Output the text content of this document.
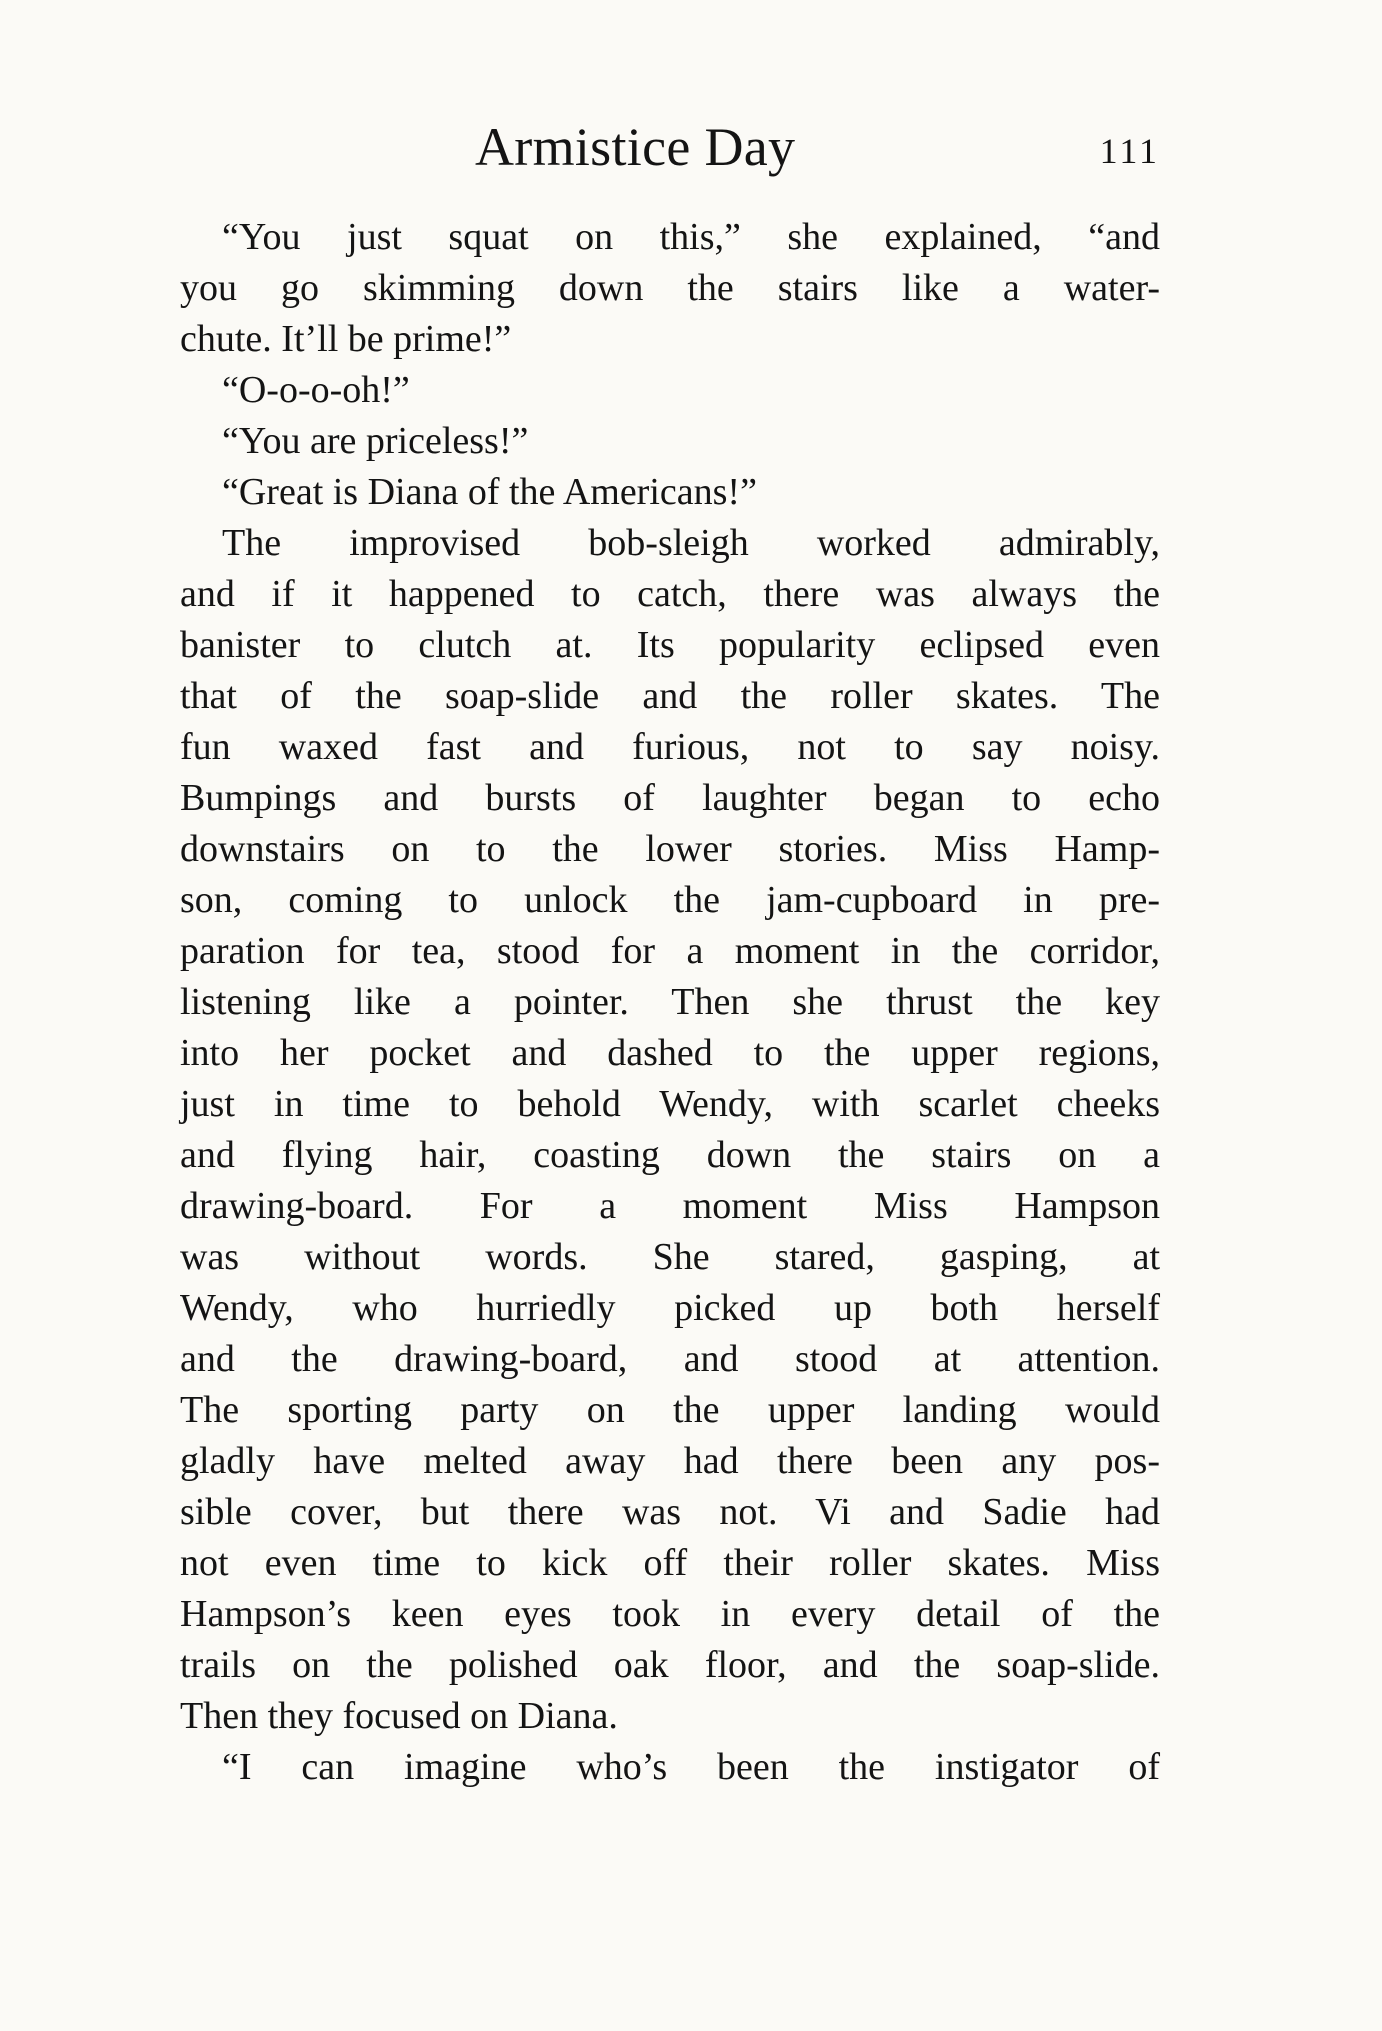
Armistice Day	111
“You just squat on this,” she explained, “and
you go skimming down the stairs like a water-
chute. It’ll be prime!”
“O-o-o-oh!”
“You are priceless!”
“Great is Diana of the Americans!”
The improvised bob-sleigh worked admirably,
and if it happened to catch, there was always the
banister to clutch at. Its popularity eclipsed even
that of the soap-slide and the roller skates. The
fun waxed fast and furious, not to say noisy.
Bumpings and bursts of laughter began to echo
downstairs on to the lower stories. Miss Hamp-
son, coming to unlock the jam-cupboard in pre-
paration for tea, stood for a moment in the corridor,
listening like a pointer. Then she thrust the key
into her pocket and dashed to the upper regions,
just in time to behold Wendy, with scarlet cheeks
and flying hair, coasting down the stairs on a
drawing-board. For a moment Miss Hampson
was without words. She stared, gasping, at
Wendy, who hurriedly picked up both herself
and the drawing-board, and stood at attention.
The sporting party on the upper landing would
gladly have melted away had there been any pos-
sible cover, but there was not. Vi and Sadie had
not even time to kick off their roller skates. Miss
Hampson’s keen eyes took in every detail of the
trails on the polished oak floor, and the soap-slide.
Then they focused on Diana.
“I can imagine who’s been the instigator of
